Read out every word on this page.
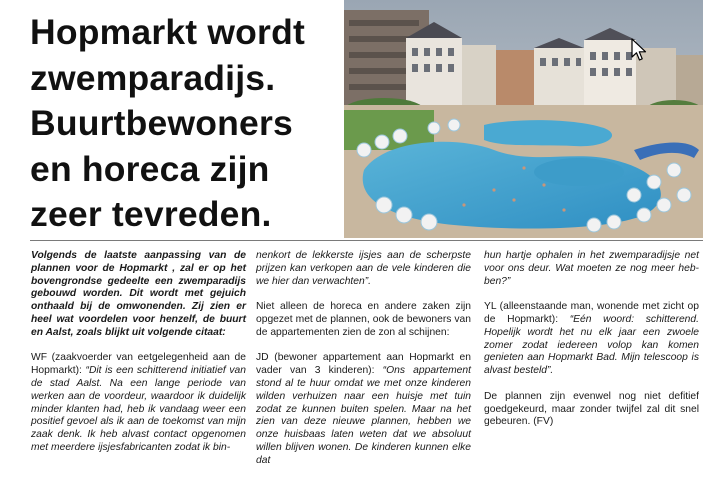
Hopmarkt wordt
zwemparadijs.
Buurtbewoners
en horeca zijn
zeer tevreden.

Volgends de laatste aanpassing van de plannen voor de Hopmarkt , zal er op het bovengrondse gedeelte een zwemparadijs gebouwd worden. Dit wordt met gejuich onthaald bij de omwonenden. Zij zien er heel wat voordelen voor henzelf, de buurt en Aalst, zoals blijkt uit volgende citaat:

WF (zaakvoerder van eetgelegenheid aan de Hopmarkt): “Dit is een schitterend initiatief van de stad Aalst. Na een lange periode van werken aan de voordeur, waardoor ik duidelijk minder klanten had, heb ik vandaag weer een positief gevoel als ik aan de toekomst van mijn zaak denk. Ik heb alvast contact opgenomen met meerdere ijsjesfabricanten zodat ik bin-

nenkort de lekkerste ijsjes aan de scherpste prijzen kan verkopen aan de vele kinderen die we hier dan verwachten”.

Niet alleen de horeca en andere zaken zijn opgezet met de plannen, ook de bewoners van de appartementen zien de zon al schijnen:

JD (bewoner appartement aan Hopmarkt en vader van 3 kinderen): “Ons appartement stond al te huur omdat we met onze kinderen wilden verhuizen naar een huisje met tuin zodat ze kunnen buiten spelen. Maar na het zien van deze nieuwe plannen, hebben we onze huisbaas laten weten dat we absoluut willen blijven wonen. De kinderen kunnen elke dat

hun hartje ophalen in het zwemparadijsje net voor ons deur. Wat moeten ze nog meer heb-ben?”

YL (alleenstaande man, wonende met zicht op de Hopmarkt): “Eén woord: schitterend. Hopelijk wordt het nu elk jaar een zwoele zomer zodat iedereen volop kan komen genieten aan Hopmarkt Bad. Mijn telescoop is alvast besteld”.

De plannen zijn evenwel nog niet defitief goedgekeurd, maar zonder twijfel zal dit snel gebeuren. (FV)
